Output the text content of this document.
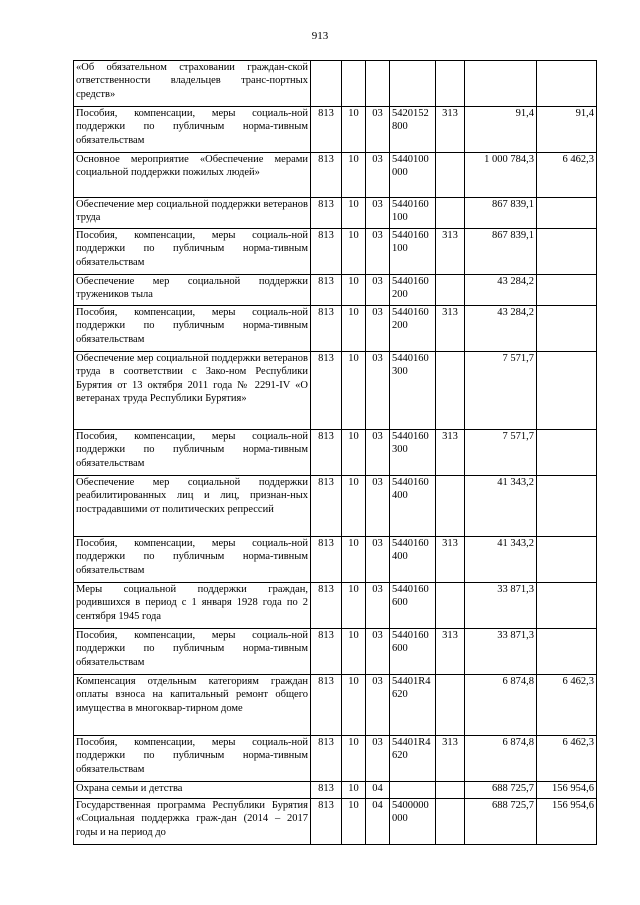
913
«Об обязательном страховании граждан-ской ответственности владельцев транс-портных средств»							
Пособия, компенсации, меры социаль-ной поддержки по публичным норма-тивным обязательствам	813	10	03	5420152800	313	91,4	91,4
Основное мероприятие «Обеспечение мерами социальной поддержки пожилых людей»	813	10	03	5440100000		1 000 784,3	6 462,3
Обеспечение мер социальной поддержки ветеранов труда	813	10	03	5440160100		867 839,1	
Пособия, компенсации, меры социаль-ной поддержки по публичным норма-тивным обязательствам	813	10	03	5440160100	313	867 839,1	
Обеспечение мер социальной поддержки тружеников тыла	813	10	03	5440160200		43 284,2	
Пособия, компенсации, меры социаль-ной поддержки по публичным норма-тивным обязательствам	813	10	03	5440160200	313	43 284,2	
Обеспечение мер социальной поддержки ветеранов труда в соответствии с Зако-ном Республики Бурятия от 13 октября 2011 года № 2291-IV «О ветеранах труда Республики Бурятия»	813	10	03	5440160300		7 571,7	
Пособия, компенсации, меры социаль-ной поддержки по публичным норма-тивным обязательствам	813	10	03	5440160300	313	7 571,7	
Обеспечение мер социальной поддержки реабилитированных лиц и лиц, признан-ных пострадавшими от политических репрессий	813	10	03	5440160400		41 343,2	
Пособия, компенсации, меры социаль-ной поддержки по публичным норма-тивным обязательствам	813	10	03	5440160400	313	41 343,2	
Меры социальной поддержки граждан, родившихся в период с 1 января 1928 года по 2 сентября 1945 года	813	10	03	5440160600		33 871,3	
Пособия, компенсации, меры социаль-ной поддержки по публичным норма-тивным обязательствам	813	10	03	5440160600	313	33 871,3	
Компенсация отдельным категориям граждан оплаты взноса на капитальный ремонт общего имущества в многоквар-тирном доме	813	10	03	54401R4620		6 874,8	6 462,3
Пособия, компенсации, меры социаль-ной поддержки по публичным норма-тивным обязательствам	813	10	03	54401R4620	313	6 874,8	6 462,3
Охрана семьи и детства	813	10	04			688 725,7	156 954,6
Государственная программа Республики Бурятия «Социальная поддержка граж-дан (2014 – 2017 годы и на период до	813	10	04	5400000000		688 725,7	156 954,6
